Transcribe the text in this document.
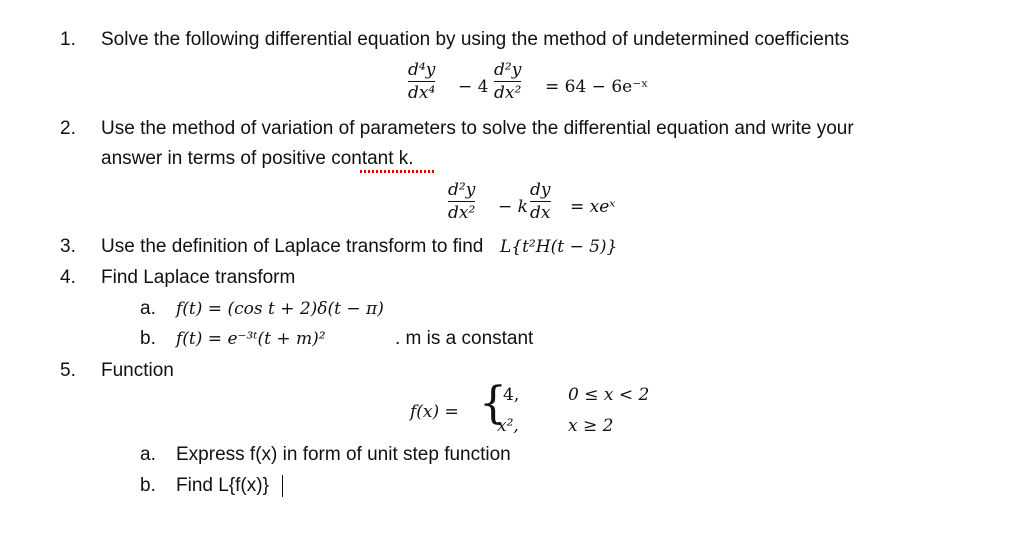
1. Solve the following differential equation by using the method of undetermined coefficients
d⁴y
dx⁴ − 4
d²y
dx² = 64 − 6e⁻ˣ
2. Use the method of variation of parameters to solve the differential equation and write your
answer in terms of positive contant k.
d²y
dx² − k
dy
dx = xeˣ
3. Use the definition of Laplace transform to find L{t²H(t − 5)}
4. Find Laplace transform
a. f(t) = (cos t + 2)δ(t − π)
b. f(t) = e⁻³ᵗ(t + m)²	. m is a constant
5. Function
f(x) = {
4,	0 ≤ x < 2
x²,	x ≥ 2
a. Express f(x) in form of unit step function
b. Find L{f(x)}
